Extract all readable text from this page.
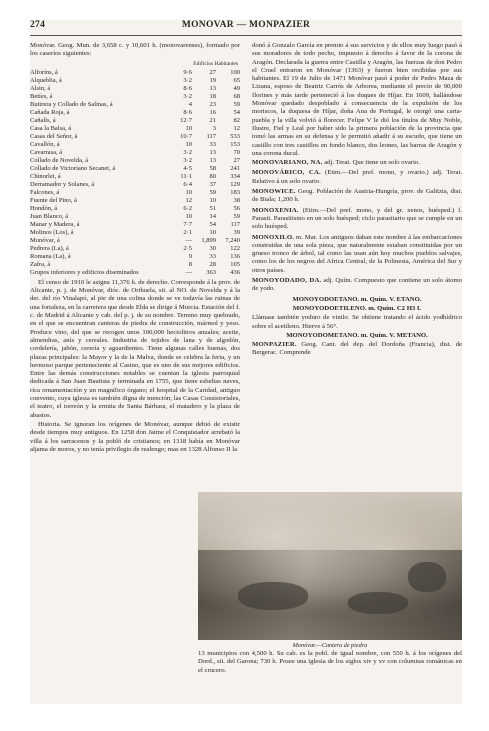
274	MONOVAR — MONPAZIER

Monóvar. Geog. Mun. de 3,658 c. y 10,601 h. (monovarenses), formado por los caseríos siguientes:

Edificios Habitantes
Alforíns, á	9·6	27	100
Alqueblia, á	3·2	19	65
Alsin, á	8·6	13	49
Betíes, á	3·2	18	68
Buitrera y Collado de Salinas, á	4	23	59
Cañada Roja, á	8·6	16	54
Cañalís, á	12·7	21	82
Casa la Balsa, á	10	3	12
Casas del Señor, á	10·7	117	533
Cavallón, á	10	33	153
Cavarrasa, á	3·2	13	70
Collado de Novelda, á	3·2	13	27
Collado de Victoriano Secanet, á	4·5	58	241
Chinorlet, á	11·1	80	334
Derramador y Solanes, á	6·4	37	129
Falcones, á	10	59	183
Fuente del Pino, á	12	10	38
Hondón, á	6·2	51	56
Juan Blanco, á	10	14	59
Manar y Madera, á	7·7	54	117
Molinos (Los), á	2·1	10	39
Monóvar, á	—	1,899	7,240
Pedrera (La), á	2·5	30	122
Romana (La), á	9	33	136
Zafra, á	8	28	105
Grupos inferiores y edificios diseminados	—	363	436

El censo de 1910 le asigna 11,376 h. de derecho. Corresponde á la prov. de Alicante, p. j. de Monóvar, dióc. de Orihuela, sit. al NO. de Novelda y á la der. del río Vinalapó, al pie de una colina donde se ve todavía las ruinas de una fortaleza, en la carretera que desde Elda se dirige á Murcia. Estación del f. c. de Madrid á Alicante y cab. del p. j. de su nombre. Terreno muy quebrado, en el que se encuentran canteras de piedra de construcción, mármol y yeso. Produce vino, del que se recogen unos 100,000 hectolitros anuales; aceite, almendras, anís y cereales. Industria de tejidos de lana y de algodón, cordelería, jabón, cerería y aguardientes. Tiene algunas calles buenas, dos plazas principales: la Mayor y la de la Malva, donde se celebra la feria, y un hermoso parque perteneciente al Casino, que es uno de sus mejores edificios. Entre las demás construcciones notables se cuentan la iglesia parroquial dedicada á San Juan Bautista y terminada en 1755, que tiene esbeltas naves, rica ornamentación y un magnífico órgano; el hospital de la Caridad, antiguo convento, cuya iglesia es también digna de mención; las Casas Consistoriales, el teatro, el torreón y la ermita de Santa Bárbara, el matadero y la plaza de abastos.

Historia. Se ignoran los orígenes de Monóvar, aunque debió de existir desde tiempos muy antiguos. En 1258 don Jaime el Conquistador arrebató la villa á los sarracenos y la pobló de cristianos; en 1318 había en Monóvar aljama de moros, y no tenía privilegio de realengo; mas en 1328 Alfonso II la

donó á Gonzalo García en premio á sus servicios y de ellos muy luego pasó á sus moradores de todo pecho, impuesto á derecho á favor de la corona de Aragón. Declarada la guerra entre Castilla y Aragón, las fuerzas de don Pedro el Cruel entraron en Monóvar (1363) y fueron bien recibidas por sus habitantes. El 19 de Julio de 1471 Monóvar pasó á poder de Pedro Maza de Lizana, esposo de Beatriz Carrós de Arborea, mediante el precio de 90,000 florines y más tarde perteneció á los duques de Híjar. En 1609, hallándose Monóvar quedado despoblado á consecuencia de la expulsión de los moriscos, la duquesa de Híjar, doña Ana de Portugal, le otorgó una carta-puebla y la villa volvió á florecer. Felipe V le dió los títulos de Muy Noble, Ilustre, Fiel y Leal por haber sido la primera población de la provincia que tomó las armas en su defensa y le permitió añadir á su escudo, que tiene un castillo con tres castillos en fondo blanco, dos leones, las barras de Aragón y una corona ducal.

MONOVARIANO, NA. adj. Terat. Que tiene un solo ovario.

MONOVÁRICO, CA. (Etim.—Del pref. mono, y ovario.) adj. Terat. Relativo á un solo ovario.

MONOWICE. Geog. Población de Austria-Hungría, prov. de Galitzia, dist. de Biala; 1,200 h.

MONOXENIA. (Etim.—Del pref. mono, y del gr. xenos, huésped.) f. Parasit. Parasitismo en un solo huésped; ciclo parasitario que se cumple en un solo huésped.

MONOXILO. m. Mar. Los antiguos daban este nombre á las embarcaciones construidas de una sola pieza, que naturalmente estaban constituidas por un grueso tronco de árbol, tal como las usan aún hoy muchos pueblos salvajes, como los de los negros del Africa Central, de la Polinesia, América del Sur y otros países.

MONOYODADO, DA. adj. Quím. Compuesto que contiene un solo átomo de yodo.

MONOYODOETANO. m. Quím. V. ETANO.
MONOYODOETILENO. m. Quím. C2 H3 I.

Llámase también yoduro de vinilo. Se obtiene tratando el ácido yodhídrico sobre el acetileno. Hierve á 56°.

MONOYODOMETANO. m. Quím. V. METANO.

MONPAZIER. Geog. Cant. del dep. del Dordoña (Francia), dist. de Bergerac. Comprende

Monóvar.—Cantera de piedra
13 municipios con 4,500 h. Su cab. es la pobl. de igual nombre, con 550 h. á los orígenes del Dord., sit. del Garona; 730 h. Posee una iglesia de los siglos xiv y xv con columnas románicas en el crucero.
